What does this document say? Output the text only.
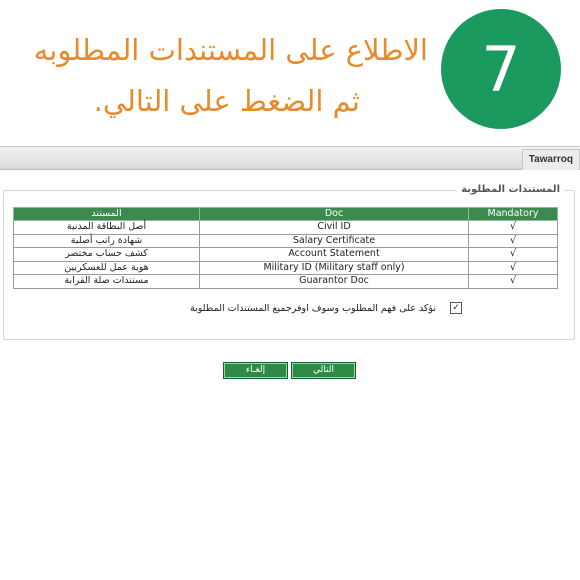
7
الاطلاع على المستندات المطلوبه
ثم الضغط على التالي.
Tawarroq
المستندات المطلوبة
المستند	Doc	Mandatory
أصل البطاقة المدنية	Civil ID	√
شهادة راتب أصلية	Salary Certificate	√
كشف حساب مختصر	Account Statement	√
هوية عمل للعسكريين	Military ID (Military staff only)	√
مستندات صلة القرابة	Guarantor Doc	√
نؤكد على فهم المطلوب وسوف اوفرجميع المستندات المطلوبة ✓
إلغـاء	التالي
